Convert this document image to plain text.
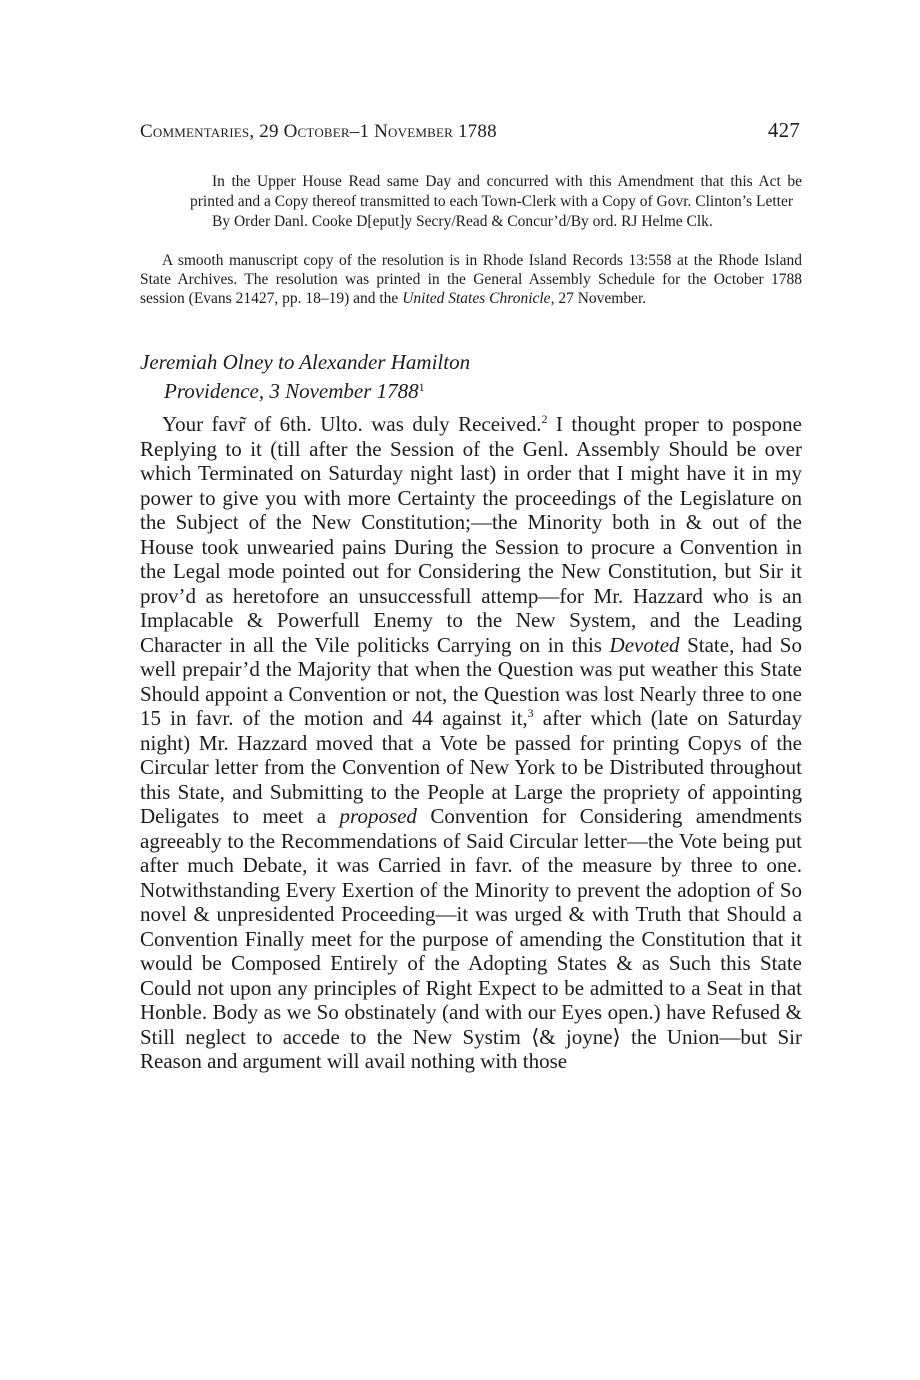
Commentaries, 29 October–1 November 1788	427

In the Upper House Read same Day and concurred with this Amendment that this Act be printed and a Copy thereof transmitted to each Town-Clerk with a Copy of Govr. Clinton’s Letter

By Order Danl. Cooke D[eput]y Secry/Read & Concur’d/By ord. RJ Helme Clk.

A smooth manuscript copy of the resolution is in Rhode Island Records 13:558 at the Rhode Island State Archives. The resolution was printed in the General Assembly Schedule for the October 1788 session (Evans 21427, pp. 18–19) and the United States Chronicle, 27 November.

Jeremiah Olney to Alexander Hamilton
Providence, 3 November 1788$^1$

Your favr̃ of 6th. Ulto. was duly Received.$^2$ I thought proper to pospone Replying to it (till after the Session of the Genl. Assembly Should be over which Terminated on Saturday night last) in order that I might have it in my power to give you with more Certainty the proceedings of the Legislature on the Subject of the New Constitution;—the Minority both in & out of the House took unwearied pains During the Session to procure a Convention in the Legal mode pointed out for Considering the New Constitution, but Sir it prov’d as heretofore an unsuccessfull attemp—for Mr. Hazzard who is an Implacable & Powerfull Enemy to the New System, and the Leading Character in all the Vile politicks Carrying on in this Devoted State, had So well prepair’d the Majority that when the Question was put weather this State Should appoint a Convention or not, the Question was lost Nearly three to one 15 in favr. of the motion and 44 against it,$^3$ after which (late on Saturday night) Mr. Hazzard moved that a Vote be passed for printing Copys of the Circular letter from the Convention of New York to be Distributed throughout this State, and Submitting to the People at Large the propriety of appointing Deligates to meet a proposed Convention for Considering amendments agreeably to the Recommendations of Said Circular letter—the Vote being put after much Debate, it was Carried in favr. of the measure by three to one. Notwithstanding Every Exertion of the Minority to prevent the adoption of So novel & unpresidented Proceeding—it was urged & with Truth that Should a Convention Finally meet for the purpose of amending the Constitution that it would be Composed Entirely of the Adopting States & as Such this State Could not upon any principles of Right Expect to be admitted to a Seat in that Honble. Body as we So obstinately (and with our Eyes open.) have Refused & Still neglect to accede to the New Systim ⟨& joyne⟩ the Union—but Sir Reason and argument will avail nothing with those
